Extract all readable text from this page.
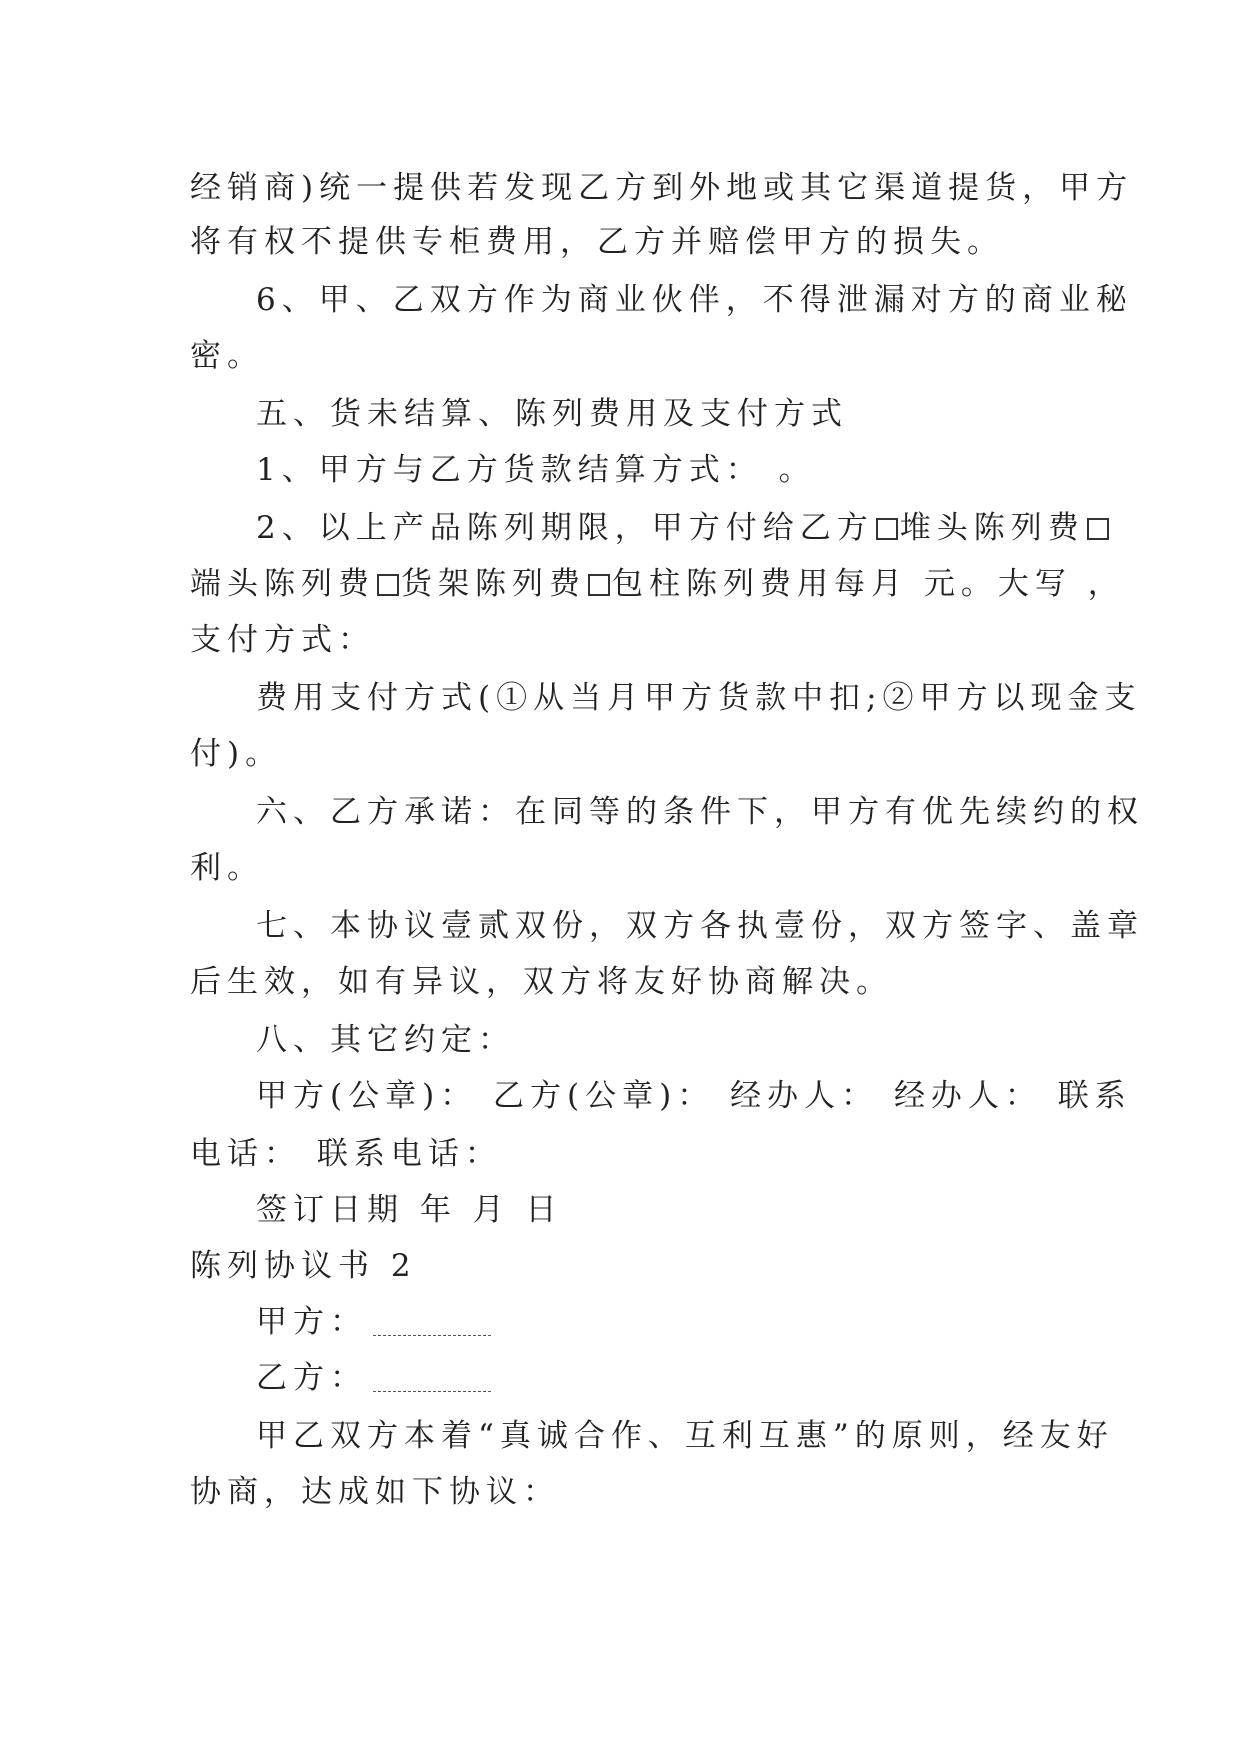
经销商)统一提供若发现乙方到外地或其它渠道提货，甲方

将有权不提供专柜费用，乙方并赔偿甲方的损失。

6、甲、乙双方作为商业伙伴，不得泄漏对方的商业秘

密。

五、货未结算、陈列费用及支付方式

1、甲方与乙方货款结算方式： 。

2、以上产品陈列期限，甲方付给乙方 堆头陈列费

端头陈列费 货架陈列费 包柱陈列费用每月 元。大写 ，

支付方式：

费用支付方式(①从当月甲方货款中扣;②甲方以现金支

付)。

六、乙方承诺：在同等的条件下，甲方有优先续约的权

利。

七、本协议壹贰双份，双方各执壹份，双方签字、盖章

后生效，如有异议，双方将友好协商解决。

八、其它约定：

甲方(公章)： 乙方(公章)： 经办人： 经办人： 联系

电话： 联系电话：

签订日期 年 月 日

陈列协议书 2

甲方：

乙方：

甲乙双方本着“真诚合作、互利互惠”的原则，经友好

协商，达成如下协议：
